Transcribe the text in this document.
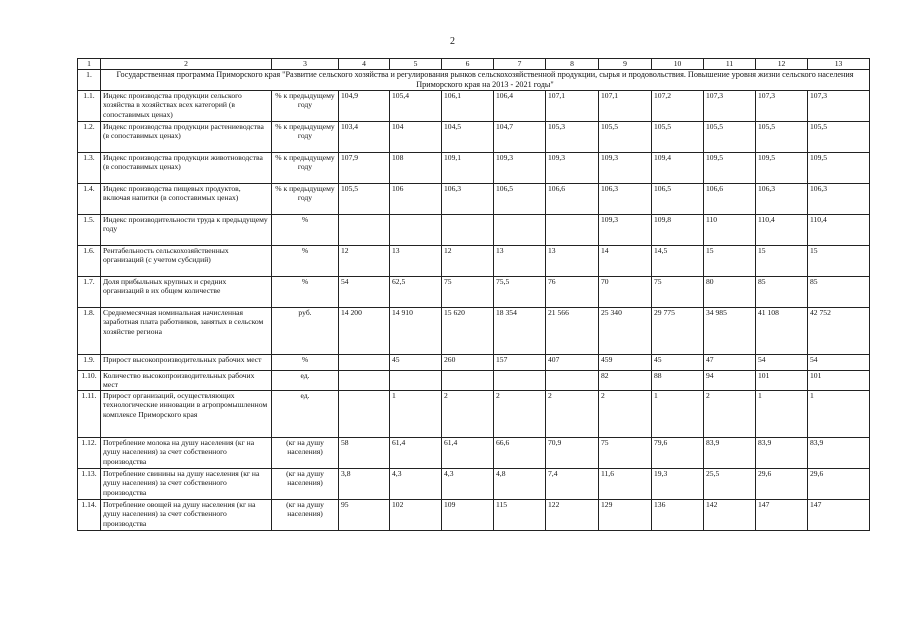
2
1	2	3	4	5	6	7	8	9	10	11	12	13
1.	Государственная программа Приморского края "Развитие сельского хозяйства и регулирования рынков сельскохозяйственной продукции, сырья и продовольствия. Повышение уровня жизни сельского населения Приморского края на 2013 - 2021 годы"											
1.1.	Индекс производства продукции сельского хозяйства в хозяйствах всех категорий (в сопоставимых ценах)	% к предыдущему году	104,9	105,4	106,1	106,4	107,1	107,1	107,2	107,3	107,3	107,3
1.2.	Индекс производства продукции растениеводства (в сопоставимых ценах)	% к предыдущему году	103,4	104	104,5	104,7	105,3	105,5	105,5	105,5	105,5	105,5
1.3.	Индекс производства продукции животноводства (в сопоставимых ценах)	% к предыдущему году	107,9	108	109,1	109,3	109,3	109,3	109,4	109,5	109,5	109,5
1.4.	Индекс производства пищевых продуктов, включая напитки (в сопоставимых ценах)	% к предыдущему году	105,5	106	106,3	106,5	106,6	106,3	106,5	106,6	106,3	106,3
1.5.	Индекс производительности труда к предыдущему году	%						109,3	109,8	110	110,4	110,4
1.6.	Рентабельность сельскохозяйственных организаций (с учетом субсидий)	%	12	13	12	13	13	14	14,5	15	15	15
1.7.	Доля прибыльных крупных и средних организаций в их общем количестве	%	54	62,5	75	75,5	76	70	75	80	85	85
1.8.	Среднемесячная номинальная начисленная заработная плата работников, занятых в сельском хозяйстве региона	руб.	14 200	14 910	15 620	18 354	21 566	25 340	29 775	34 985	41 108	42 752
1.9.	Прирост высокопроизводительных рабочих мест	%		45	260	157	407	459	45	47	54	54
1.10.	Количество высокопроизводительных рабочих мест	ед.						82	88	94	101	101
1.11.	Прирост организаций, осуществляющих технологические инновации в агропромышленном комплексе Приморского края	ед.		1	2	2	2	2	1	2	1	1
1.12.	Потребление молока на душу населения (кг на душу населения) за счет собственного производства	(кг на душу населения)	58	61,4	61,4	66,6	70,9	75	79,6	83,9	83,9	83,9
1.13.	Потребление свинины на душу населения (кг на душу населения) за счет собственного производства	(кг на душу населения)	3,8	4,3	4,3	4,8	7,4	11,6	19,3	25,5	29,6	29,6
1.14.	Потребление овощей на душу населения (кг на душу населения) за счет собственного производства	(кг на душу населения)	95	102	109	115	122	129	136	142	147	147
